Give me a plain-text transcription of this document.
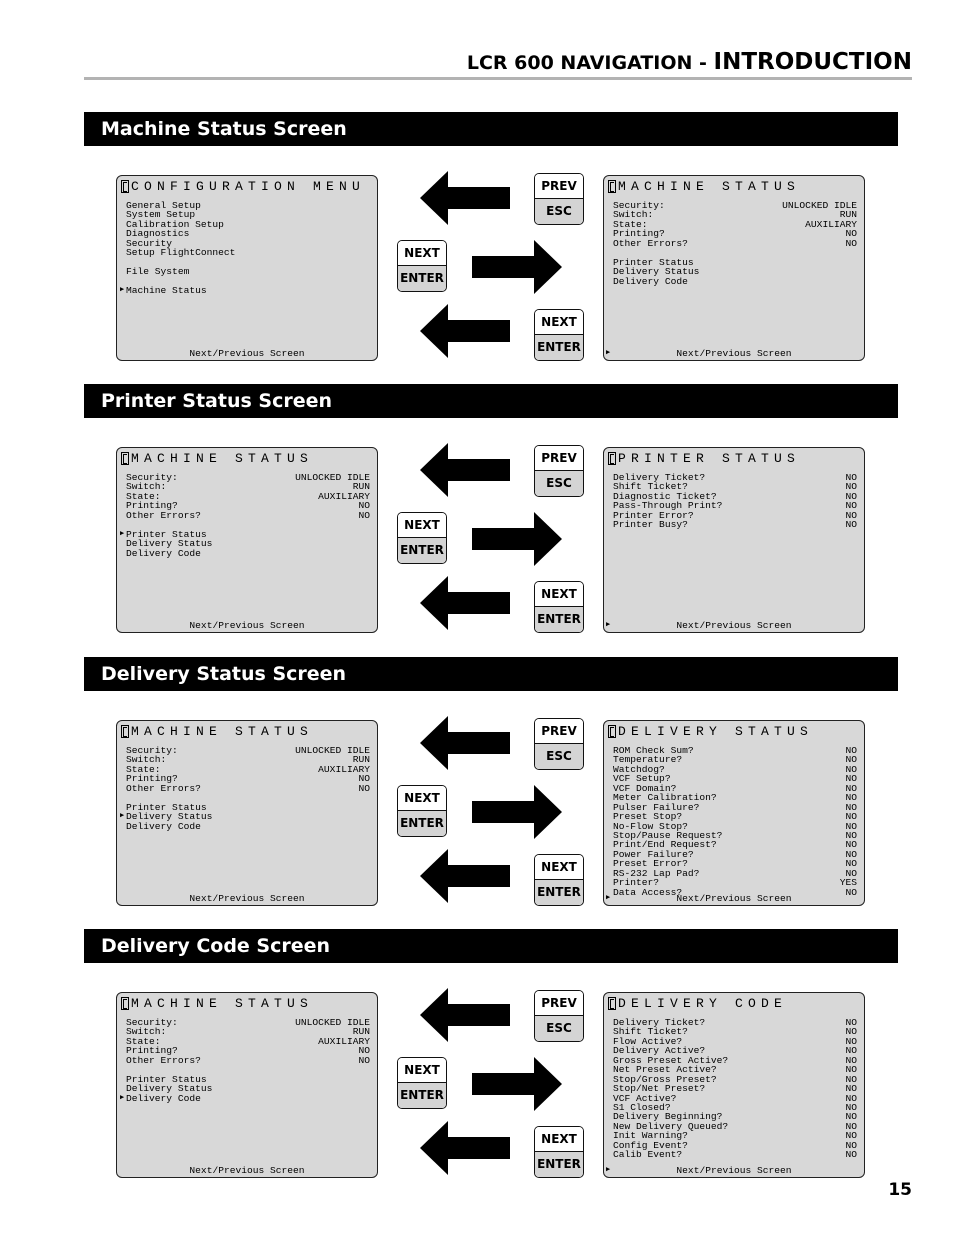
LCR 600 NAVIGATION - INTRODUCTION
Machine Status Screen
CONFIGURATION MENU
General Setup
System Setup
Calibration Setup
Diagnostics
Security
Setup FlightConnect
File System
▶ Machine Status
Next/Previous Screen
MACHINE STATUS
Security:	UNLOCKED IDLE
Switch:	RUN
State:	AUXILIARY
Printing?	NO
Other Errors?	NO
Printer Status
Delivery Status
Delivery Code
▶	Next/Previous Screen
PREV
ESC
NEXT
ENTER
NEXT
ENTER
Printer Status Screen
MACHINE STATUS
Security:	UNLOCKED IDLE
Switch:	RUN
State:	AUXILIARY
Printing?	NO
Other Errors?	NO
▶ Printer Status
Delivery Status
Delivery Code
Next/Previous Screen
PRINTER STATUS
Delivery Ticket?	NO
Shift Ticket?	NO
Diagnostic Ticket?	NO
Pass-Through Print?	NO
Printer Error?	NO
Printer Busy?	NO
▶	Next/Previous Screen
PREV
ESC
NEXT
ENTER
NEXT
ENTER
Delivery Status Screen
MACHINE STATUS
Security:	UNLOCKED IDLE
Switch:	RUN
State:	AUXILIARY
Printing?	NO
Other Errors?	NO
Printer Status
▶ Delivery Status
Delivery Code
Next/Previous Screen
DELIVERY STATUS
ROM Check Sum?	NO
Temperature?	NO
Watchdog?	NO
VCF Setup?	NO
VCF Domain?	NO
Meter Calibration?	NO
Pulser Failure?	NO
Preset Stop?	NO
No-Flow Stop?	NO
Stop/Pause Request?	NO
Print/End Request?	NO
Power Failure?	NO
Preset Error?	NO
RS-232 Lap Pad?	NO
Printer?	YES
Data Access?	NO
▶	Next/Previous Screen
PREV
ESC
NEXT
ENTER
NEXT
ENTER
Delivery Code Screen
MACHINE STATUS
Security:	UNLOCKED IDLE
Switch:	RUN
State:	AUXILIARY
Printing?	NO
Other Errors?	NO
Printer Status
Delivery Status
▶ Delivery Code
Next/Previous Screen
DELIVERY CODE
Delivery Ticket?	NO
Shift Ticket?	NO
Flow Active?	NO
Delivery Active?	NO
Gross Preset Active?	NO
Net Preset Active?	NO
Stop/Gross Preset?	NO
Stop/Net Preset?	NO
VCF Active?	NO
S1 Closed?	NO
Delivery Beginning?	NO
New Delivery Queued?	NO
Init Warning?	NO
Config Event?	NO
Calib Event?	NO
▶	Next/Previous Screen
PREV
ESC
NEXT
ENTER
NEXT
ENTER
15
